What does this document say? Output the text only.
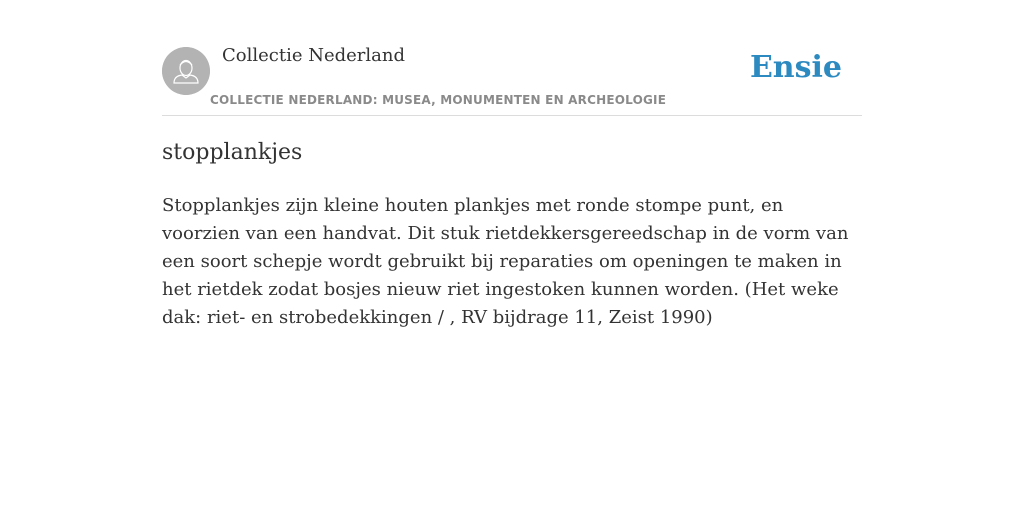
Collectie Nederland
COLLECTIE NEDERLAND: MUSEA, MONUMENTEN EN ARCHEOLOGIE
Ensie
stopplankjes

Stopplankjes zijn kleine houten plankjes met ronde stompe punt, en voorzien van een handvat. Dit stuk rietdekkersgereedschap in de vorm van een soort schepje wordt gebruikt bij reparaties om openingen te maken in het rietdek zodat bosjes nieuw riet ingestoken kunnen worden. (Het weke dak: riet- en strobedekkingen / , RV bijdrage 11, Zeist 1990)
